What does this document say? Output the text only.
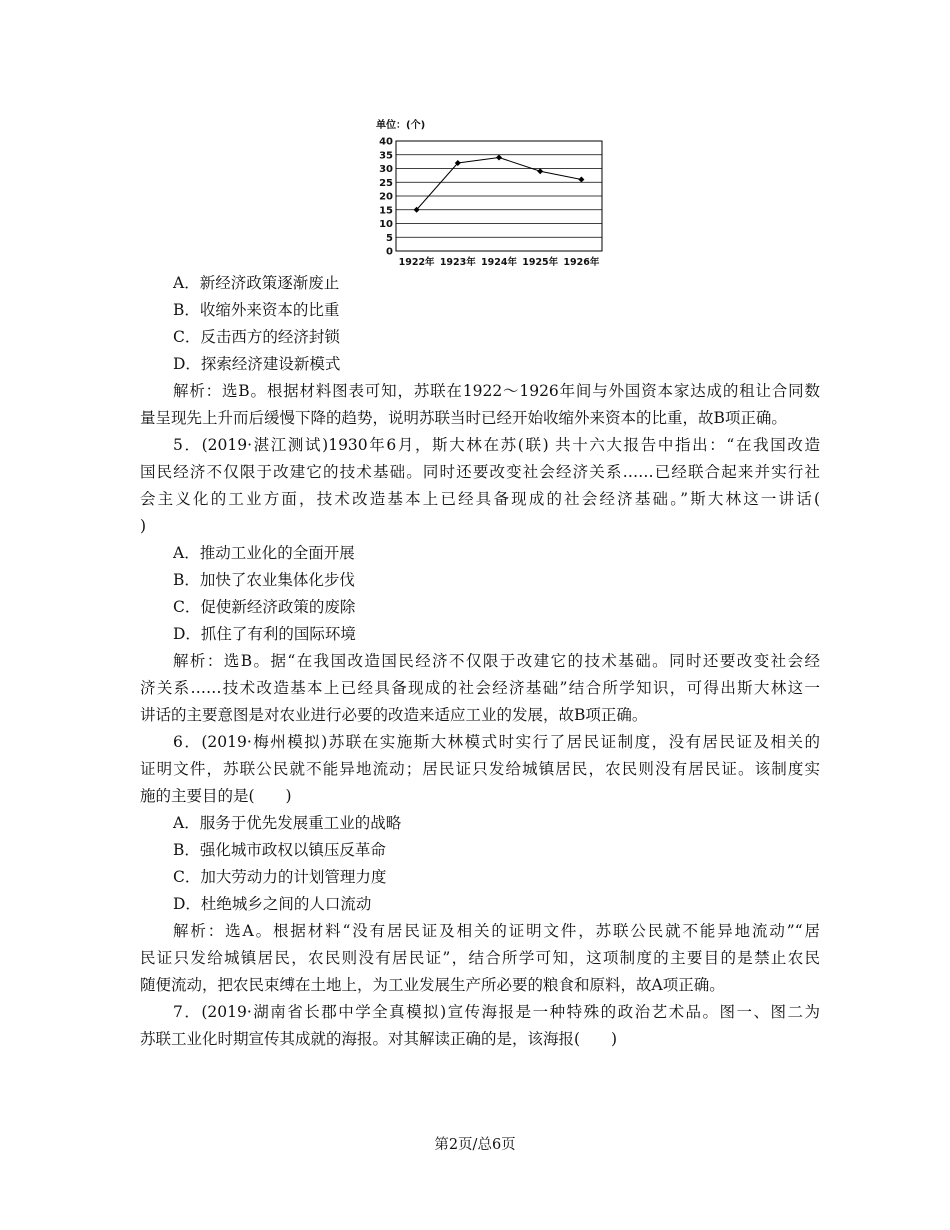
单位：(个)
0
5
10
15
20
25
30
35
40
1922年 1923年 1924年 1925年 1926年
A．新经济政策逐渐废止
B．收缩外来资本的比重
C．反击西方的经济封锁
D．探索经济建设新模式
解析：选B。根据材料图表可知，苏联在1922～1926年间与外国资本家达成的租让合同数
量呈现先上升而后缓慢下降的趋势，说明苏联当时已经开始收缩外来资本的比重，故B项正确。
5．(2019·湛江测试)1930年6月，斯大林在苏(联) 共十六大报告中指出：“在我国改造
国民经济不仅限于改建它的技术基础。同时还要改变社会经济关系……已经联合起来并实行社
会主义化的工业方面，技术改造基本上已经具备现成的社会经济基础。”斯大林这一讲话(
)
A．推动工业化的全面开展
B．加快了农业集体化步伐
C．促使新经济政策的废除
D．抓住了有利的国际环境
解析：选B。据“在我国改造国民经济不仅限于改建它的技术基础。同时还要改变社会经
济关系……技术改造基本上已经具备现成的社会经济基础”结合所学知识，可得出斯大林这一
讲话的主要意图是对农业进行必要的改造来适应工业的发展，故B项正确。
6．(2019·梅州模拟)苏联在实施斯大林模式时实行了居民证制度，没有居民证及相关的
证明文件，苏联公民就不能异地流动；居民证只发给城镇居民，农民则没有居民证。该制度实
施的主要目的是(　　)
A．服务于优先发展重工业的战略
B．强化城市政权以镇压反革命
C．加大劳动力的计划管理力度
D．杜绝城乡之间的人口流动
解析：选A。根据材料“没有居民证及相关的证明文件，苏联公民就不能异地流动”“居
民证只发给城镇居民，农民则没有居民证”，结合所学可知，这项制度的主要目的是禁止农民
随便流动，把农民束缚在土地上，为工业发展生产所必要的粮食和原料，故A项正确。
7．(2019·湖南省长郡中学全真模拟)宣传海报是一种特殊的政治艺术品。图一、图二为
苏联工业化时期宣传其成就的海报。对其解读正确的是，该海报(　　)
第2页/总6页
